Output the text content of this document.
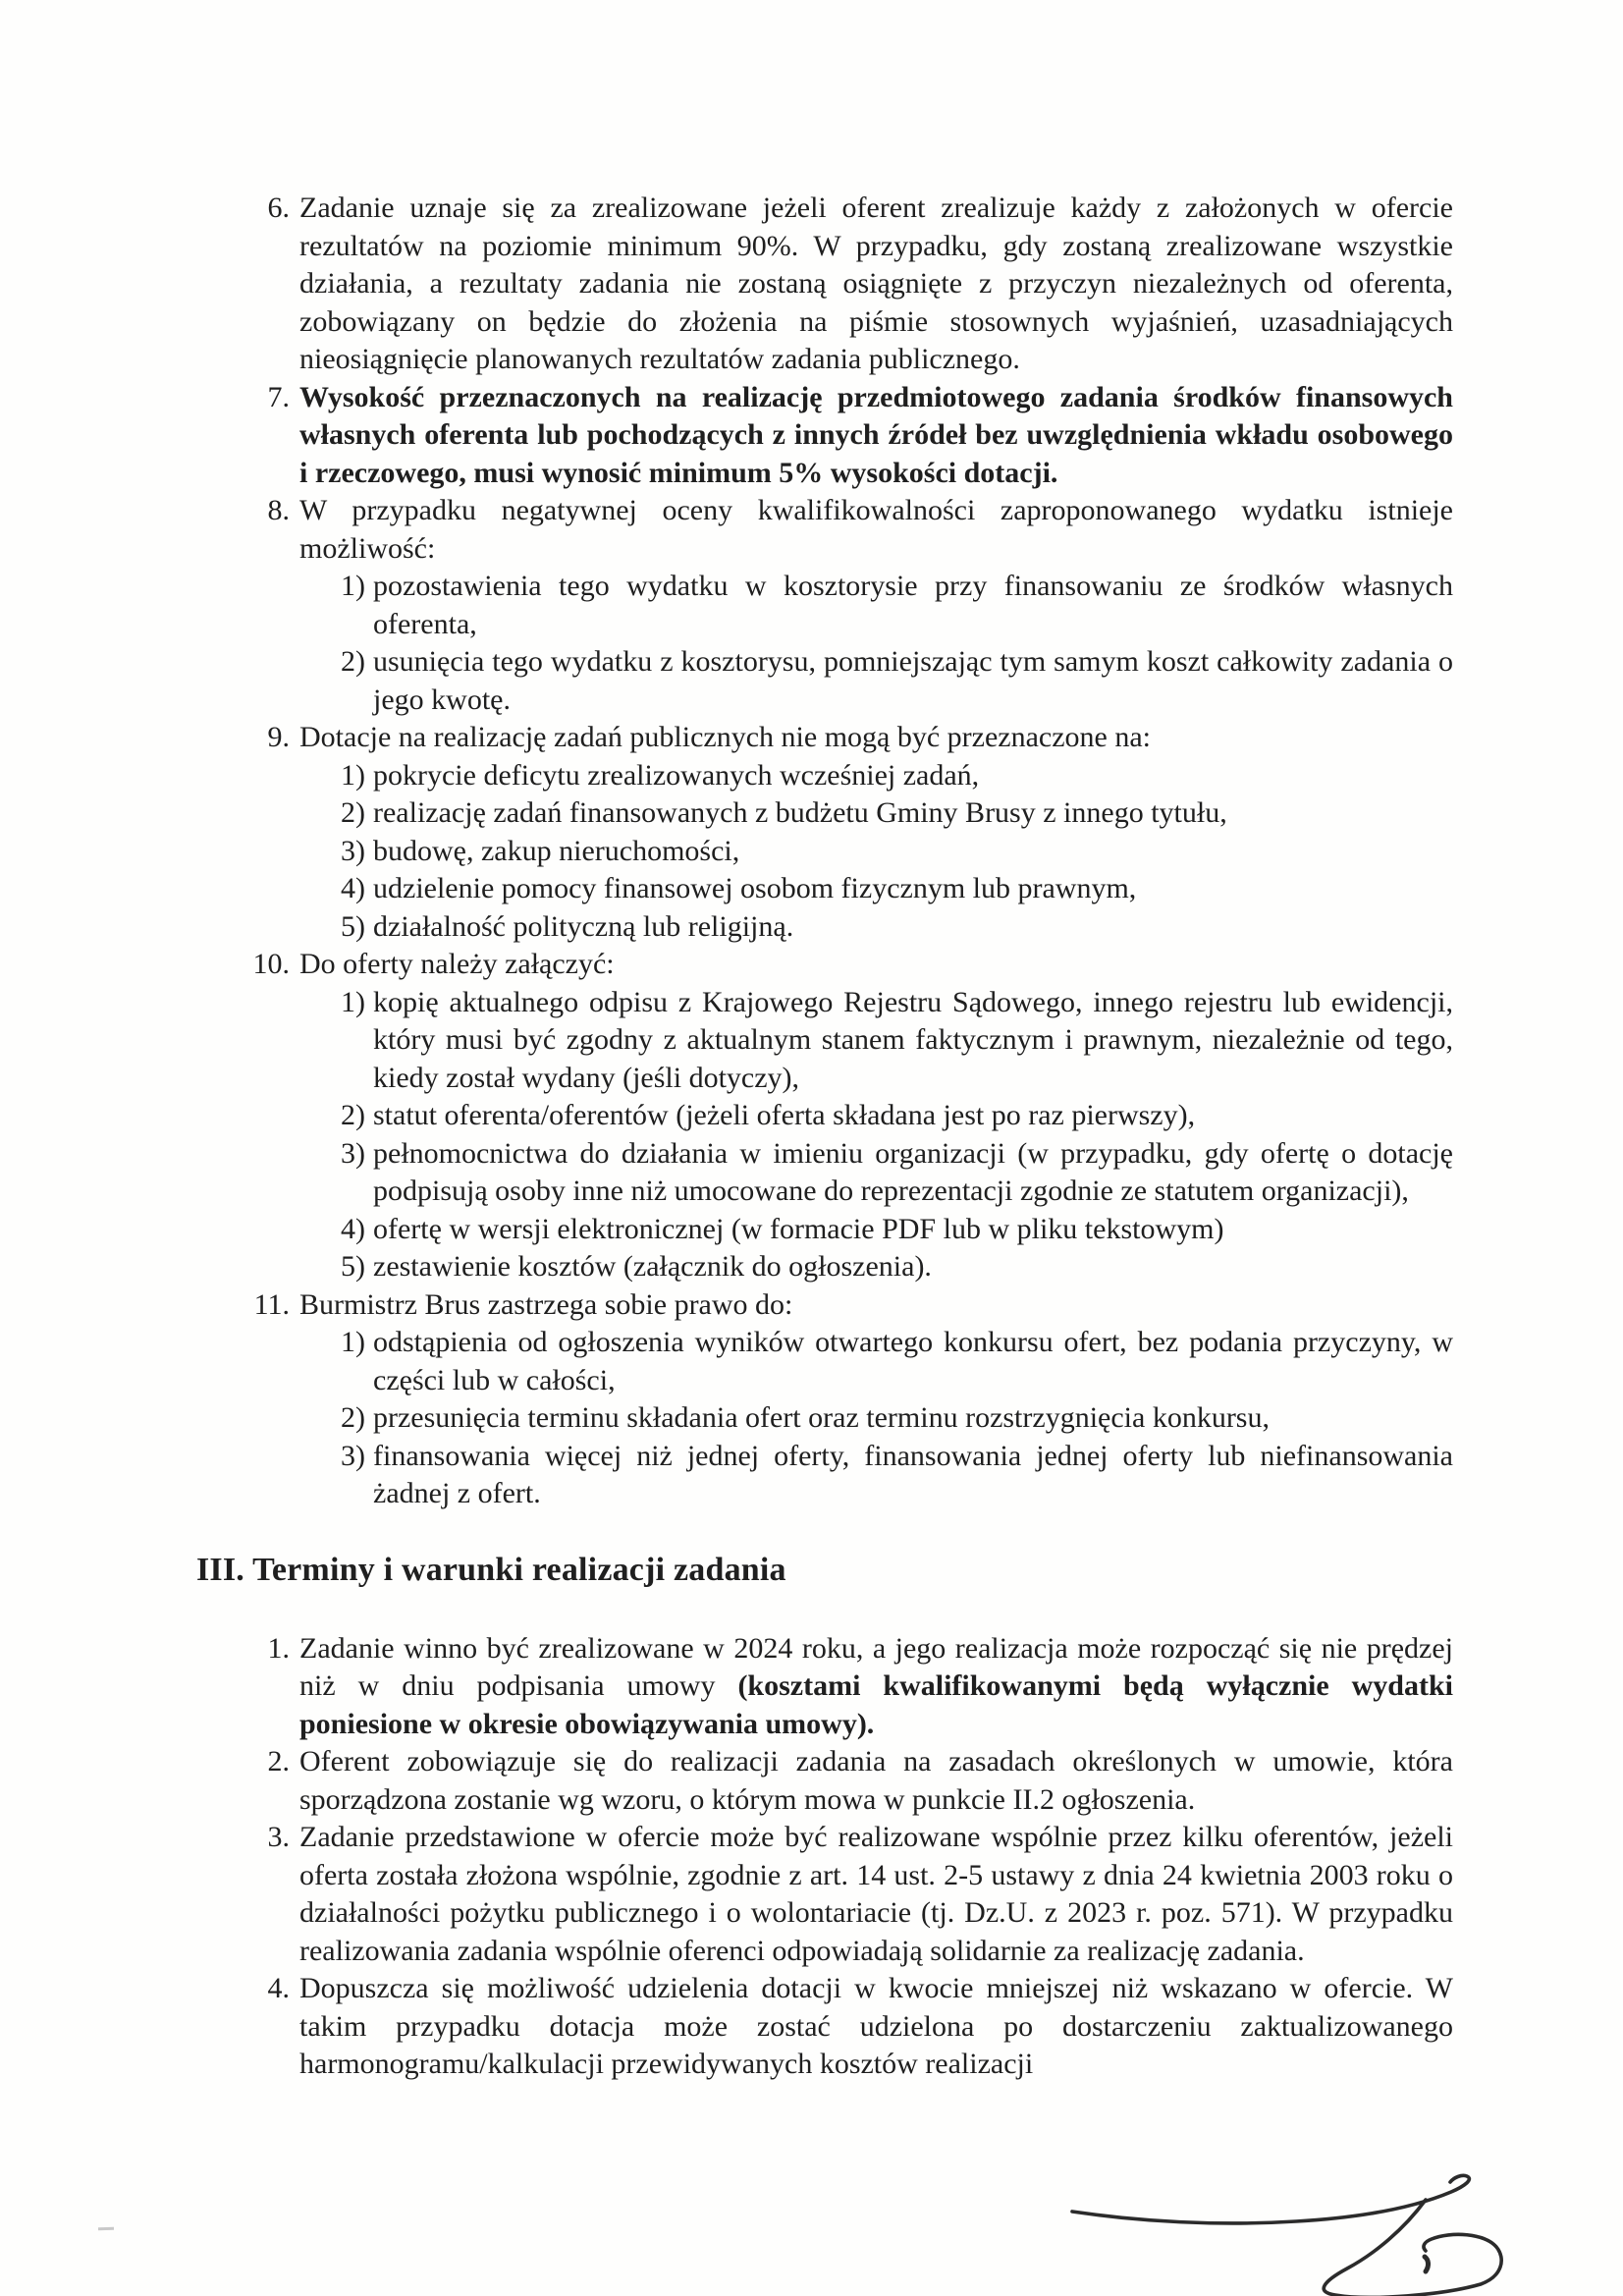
6. Zadanie uznaje się za zrealizowane jeżeli oferent zrealizuje każdy z założonych w ofercie rezultatów na poziomie minimum 90%. W przypadku, gdy zostaną zrealizowane wszystkie działania, a rezultaty zadania nie zostaną osiągnięte z przyczyn niezależnych od oferenta, zobowiązany on będzie do złożenia na piśmie stosownych wyjaśnień, uzasadniających nieosiągnięcie planowanych rezultatów zadania publicznego.
7. Wysokość przeznaczonych na realizację przedmiotowego zadania środków finansowych własnych oferenta lub pochodzących z innych źródeł bez uwzględnienia wkładu osobowego i rzeczowego, musi wynosić minimum 5% wysokości dotacji.
8. W przypadku negatywnej oceny kwalifikowalności zaproponowanego wydatku istnieje możliwość:
1) pozostawienia tego wydatku w kosztorysie przy finansowaniu ze środków własnych oferenta,
2) usunięcia tego wydatku z kosztorysu, pomniejszając tym samym koszt całkowity zadania o jego kwotę.
9. Dotacje na realizację zadań publicznych nie mogą być przeznaczone na:
1) pokrycie deficytu zrealizowanych wcześniej zadań,
2) realizację zadań finansowanych z budżetu Gminy Brusy z innego tytułu,
3) budowę, zakup nieruchomości,
4) udzielenie pomocy finansowej osobom fizycznym lub prawnym,
5) działalność polityczną lub religijną.
10. Do oferty należy załączyć:
1) kopię aktualnego odpisu z Krajowego Rejestru Sądowego, innego rejestru lub ewidencji, który musi być zgodny z aktualnym stanem faktycznym i prawnym, niezależnie od tego, kiedy został wydany (jeśli dotyczy),
2) statut oferenta/oferentów (jeżeli oferta składana jest po raz pierwszy),
3) pełnomocnictwa do działania w imieniu organizacji (w przypadku, gdy ofertę o dotację podpisują osoby inne niż umocowane do reprezentacji zgodnie ze statutem organizacji),
4) ofertę w wersji elektronicznej (w formacie PDF lub w pliku tekstowym)
5) zestawienie kosztów (załącznik do ogłoszenia).
11. Burmistrz Brus zastrzega sobie prawo do:
1) odstąpienia od ogłoszenia wyników otwartego konkursu ofert, bez podania przyczyny, w części lub w całości,
2) przesunięcia terminu składania ofert oraz terminu rozstrzygnięcia konkursu,
3) finansowania więcej niż jednej oferty, finansowania jednej oferty lub niefinansowania żadnej z ofert.
III. Terminy i warunki realizacji zadania
1. Zadanie winno być zrealizowane w 2024 roku, a jego realizacja może rozpocząć się nie prędzej niż w dniu podpisania umowy (kosztami kwalifikowanymi będą wyłącznie wydatki poniesione w okresie obowiązywania umowy).
2. Oferent zobowiązuje się do realizacji zadania na zasadach określonych w umowie, która sporządzona zostanie wg wzoru, o którym mowa w punkcie II.2 ogłoszenia.
3. Zadanie przedstawione w ofercie może być realizowane wspólnie przez kilku oferentów, jeżeli oferta została złożona wspólnie, zgodnie z art. 14 ust. 2-5 ustawy z dnia 24 kwietnia 2003 roku o działalności pożytku publicznego i o wolontariacie (tj. Dz.U. z 2023 r. poz. 571). W przypadku realizowania zadania wspólnie oferenci odpowiadają solidarnie za realizację zadania.
4. Dopuszcza się możliwość udzielenia dotacji w kwocie mniejszej niż wskazano w ofercie. W takim przypadku dotacja może zostać udzielona po dostarczeniu zaktualizowanego harmonogramu/kalkulacji przewidywanych kosztów realizacji
